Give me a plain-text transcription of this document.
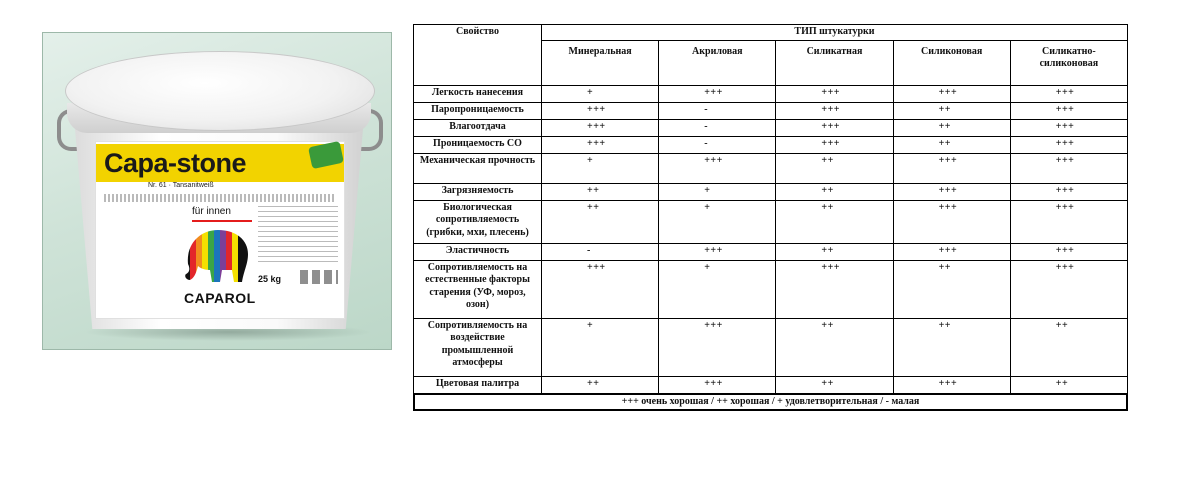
Capa-stone
Nr. 61 · Tansanitweiß
für innen
CAPAROL
25 kg
Свойство	ТИП штукатурки				
	Минеральная	Акриловая	Силикатная	Силиконовая	Силикатно-силиконовая
Легкость нанесения	+	+++	+++	+++	+++
Паропроницаемость	+++	-	+++	++	+++
Влагоотдача	+++	-	+++	++	+++
Проницаемость CO	+++	-	+++	++	+++
Механическая прочность	+	+++	++	+++	+++
Загрязняемость	++	+	++	+++	+++
Биологическая сопротивляемость (грибки, мхи, плесень)	++	+	++	+++	+++
Эластичность	-	+++	++	+++	+++
Сопротивляемость на естественные факторы старения (УФ, мороз, озон)	+++	+	+++	++	+++
Сопротивляемость на воздействие промышленной атмосферы	+	+++	++	++	++
Цветовая палитра	++	+++	++	+++	++
+++ очень хорошая / ++ хорошая / + удовлетворительная / - малая
